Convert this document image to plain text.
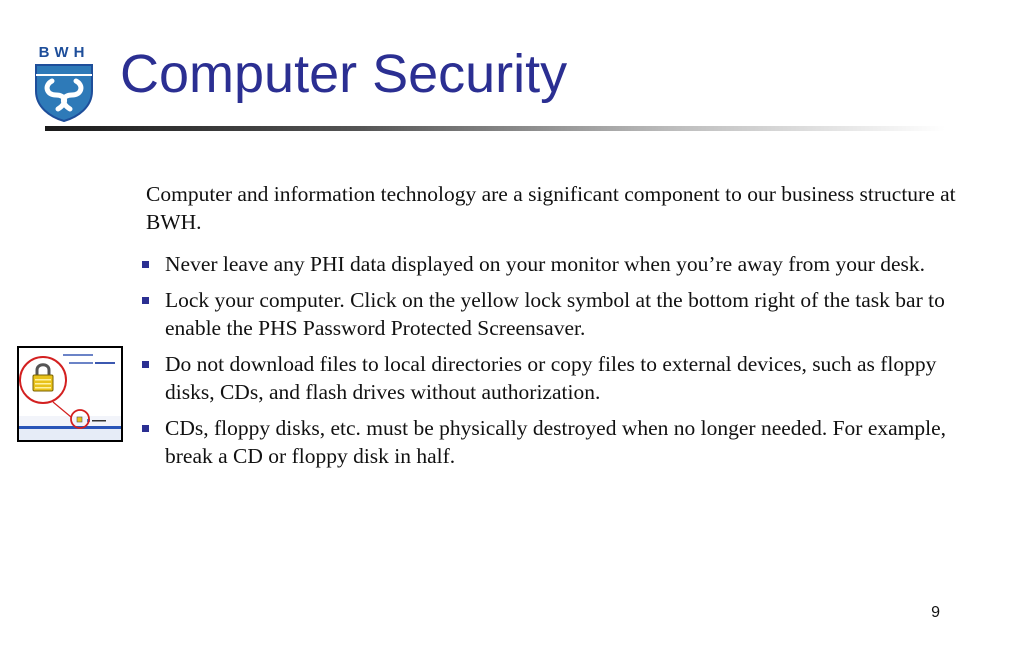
BWH Computer Security
Computer and information technology are a significant component to our business structure at BWH.
Never leave any PHI data displayed on your monitor when you’re away from your desk.
Lock your computer. Click on the yellow lock symbol at the bottom right of the task bar to enable the PHS Password Protected Screensaver.
Do not download files to local directories or copy files to external devices, such as floppy disks, CDs, and flash drives without authorization.
CDs, floppy disks, etc. must be physically destroyed when no longer needed. For example, break a CD or floppy disk in half.
9
